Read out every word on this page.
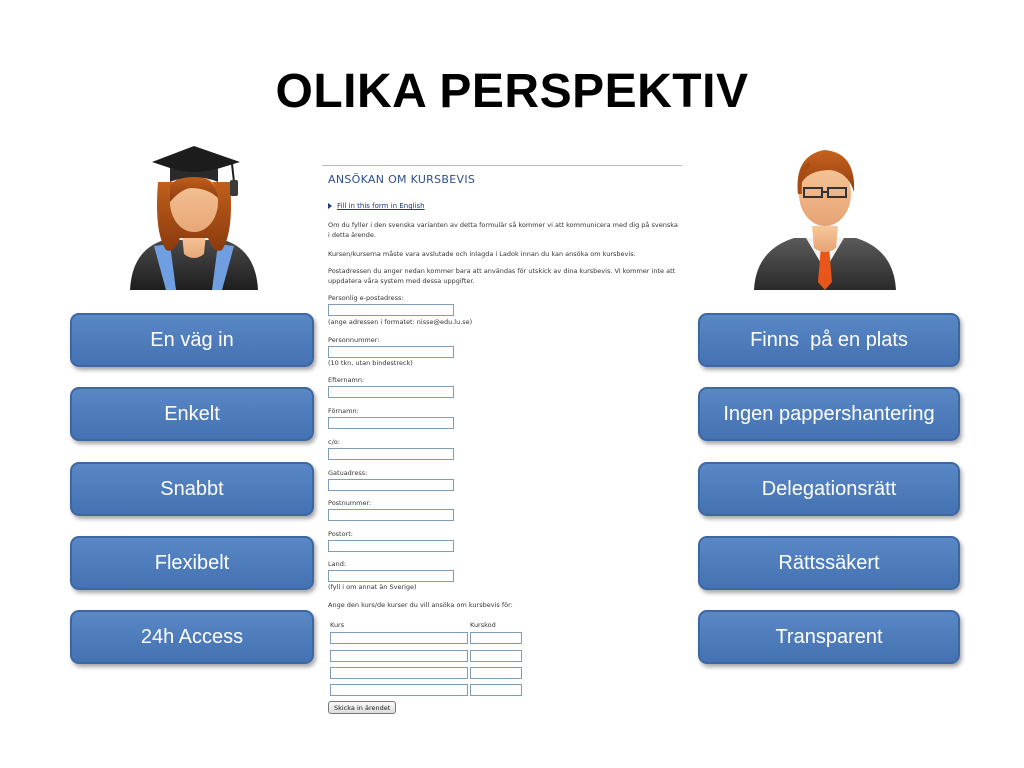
OLIKA PERSPEKTIV
En väg in
Enkelt
Snabbt
Flexibelt
24h Access
Finns  på en plats
Ingen pappershantering
Delegationsrätt
Rättssäkert
Transparent
ANSÖKAN OM KURSBEVIS
Fill in this form in English
Om du fyller i den svenska varianten av detta formulär så kommer vi att kommunicera med dig på svenska i detta ärende.
Kursen/kurserna måste vara avslutade och inlagda i Ladok innan du kan ansöka om kursbevis.
Postadressen du anger nedan kommer bara att användas för utskick av dina kursbevis. Vi kommer inte att uppdatera våra system med dessa uppgifter.
Personlig e-postadress:
(ange adressen i formatet: nisse@edu.lu.se)
Personnummer:
(10 tkn, utan bindestreck)
Efternamn:
Förnamn:
c/o:
Gatuadress:
Postnummer:
Postort:
Land:
(fyll i om annat än Sverige)
Ange den kurs/de kurser du vill ansöka om kursbevis för:
Kurs	Kurskod
Skicka in ärendet
